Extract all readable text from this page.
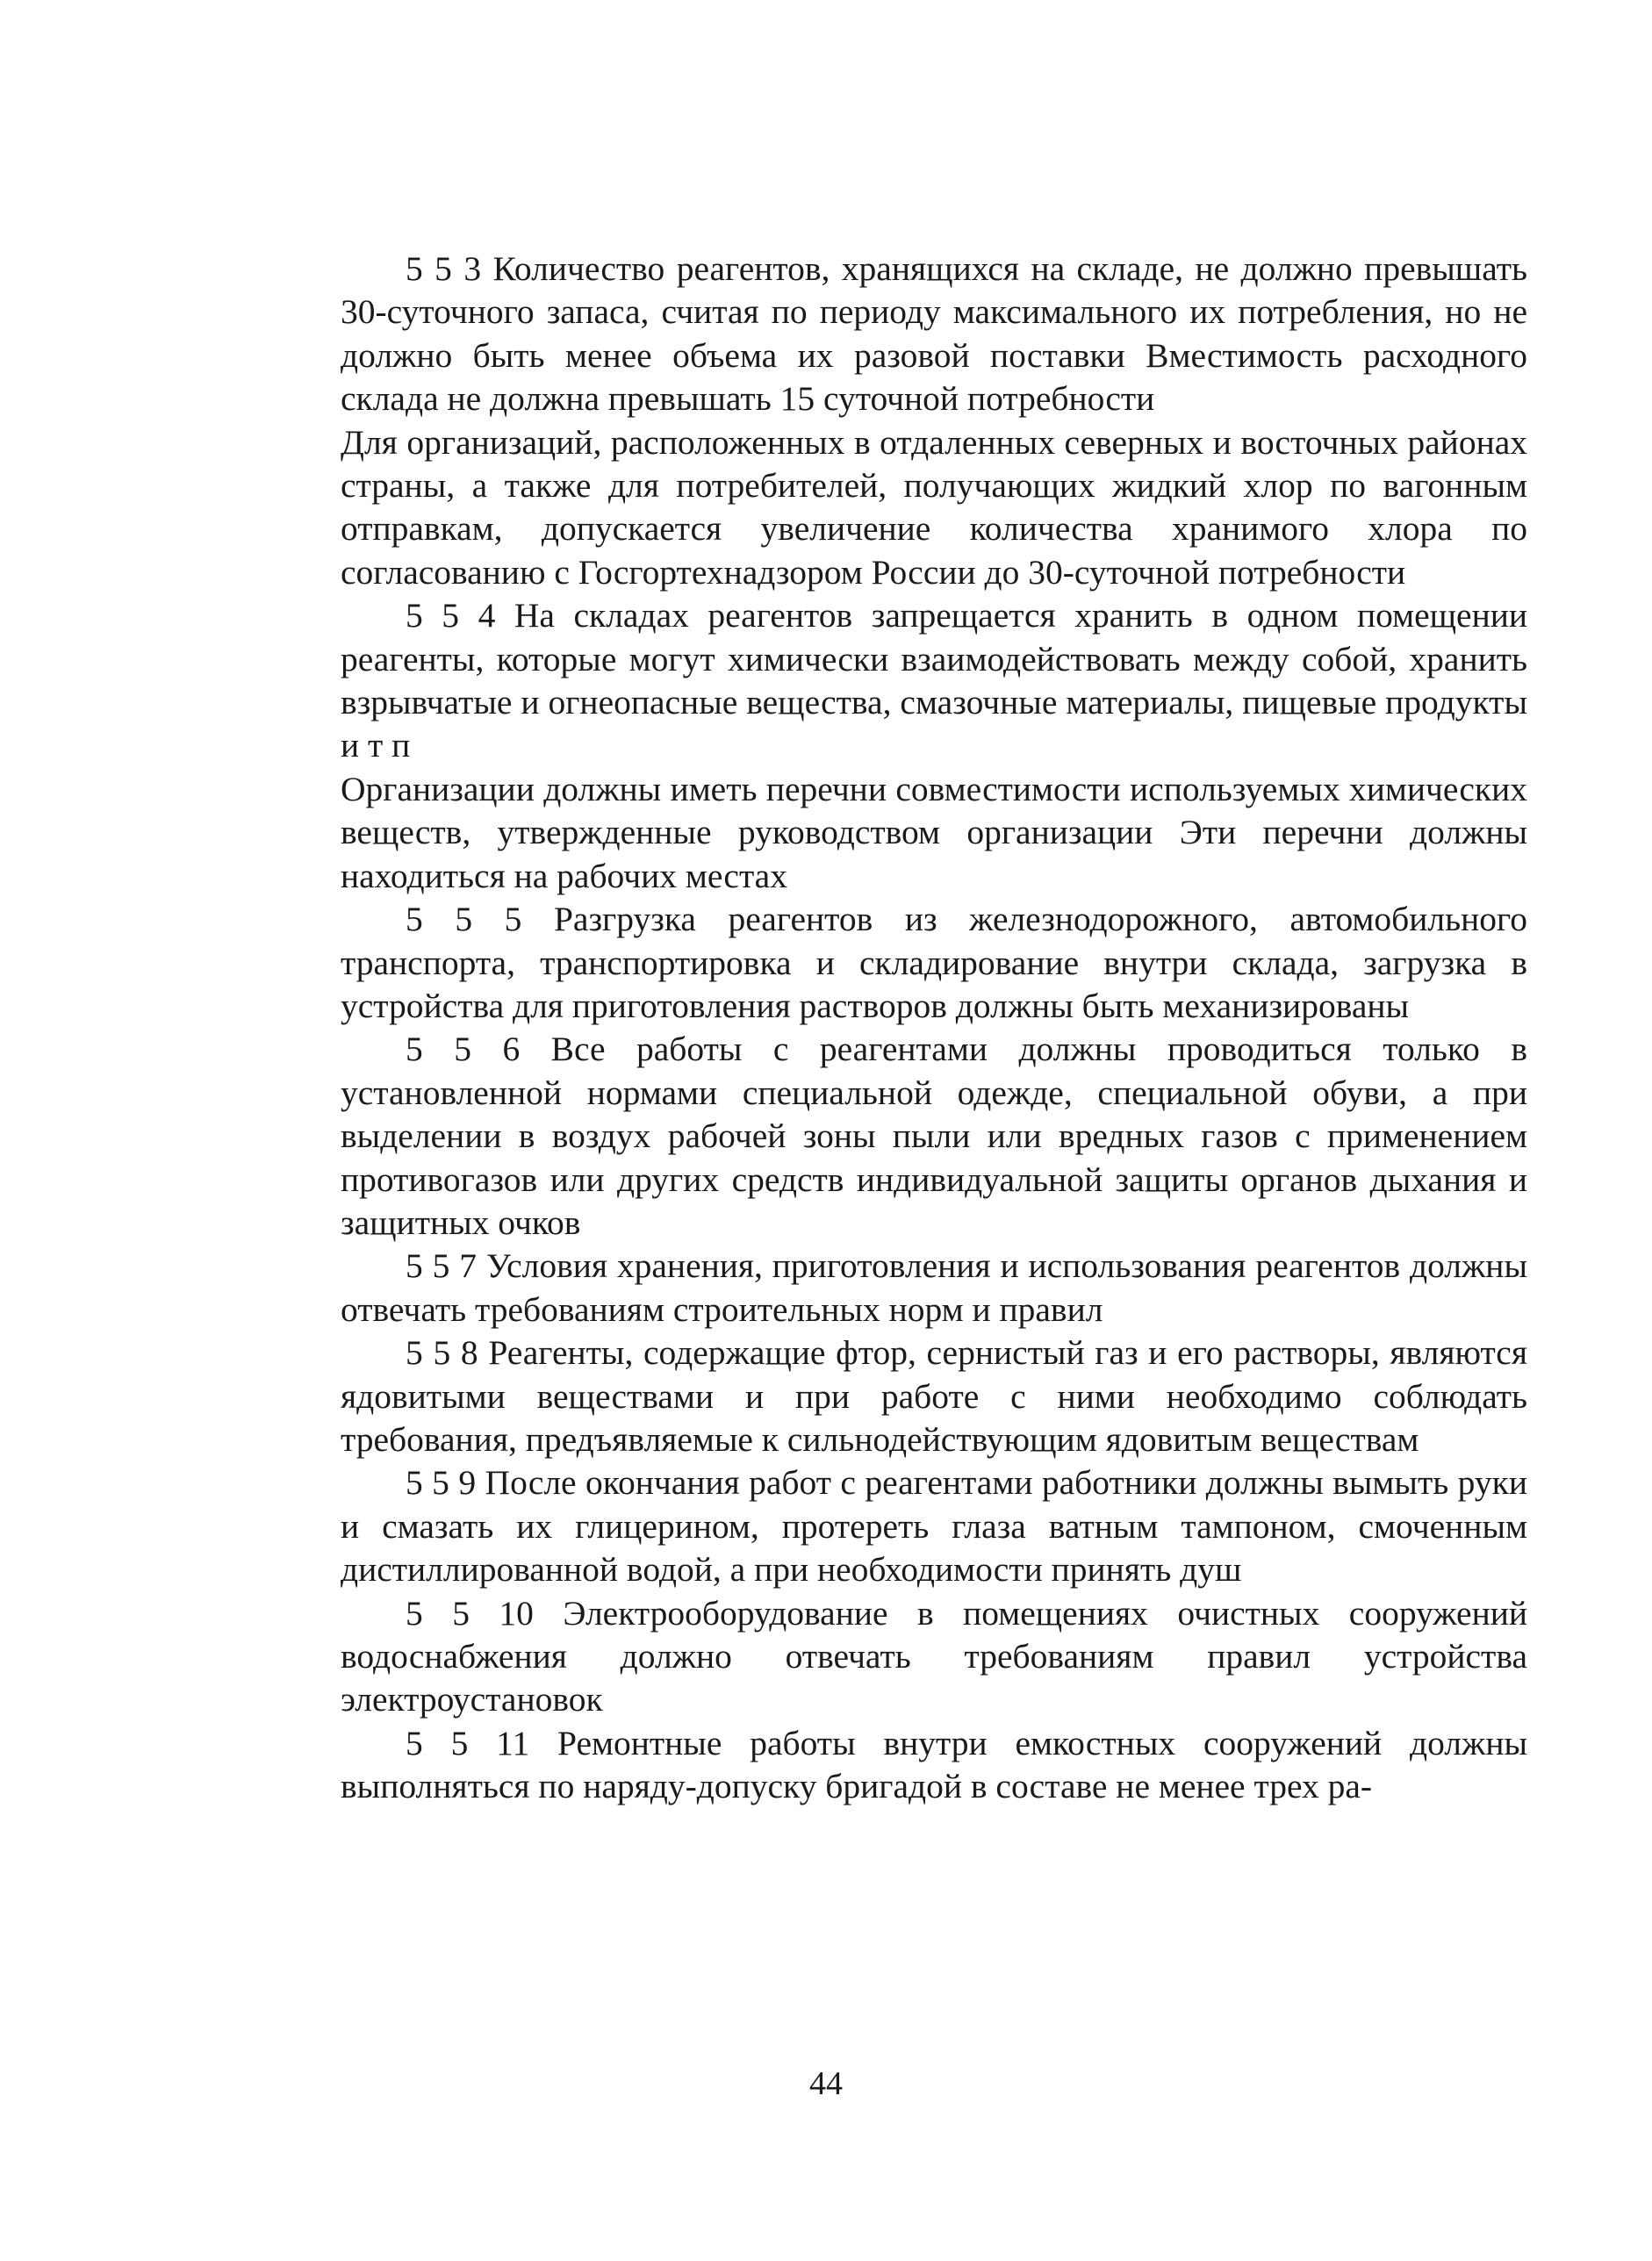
5 5 3 Количество реагентов, хранящихся на складе, не должно превышать 30-суточного запаса, считая по периоду максимального их потребления, но не должно быть менее объема их разовой поставки Вместимость расходного склада не должна превышать 15 суточной потребности

Для организаций, расположенных в отдаленных северных и восточных районах страны, а также для потребителей, получающих жидкий хлор по вагонным отправкам, допускается увеличение количества хранимого хлора по согласованию с Госгортехнадзором России до 30-суточной потребности

5 5 4 На складах реагентов запрещается хранить в одном помещении реагенты, которые могут химически взаимодействовать между собой, хранить взрывчатые и огнеопасные вещества, смазочные материалы, пищевые продукты и т п

Организации должны иметь перечни совместимости используемых химических веществ, утвержденные руководством организации Эти перечни должны находиться на рабочих местах

5 5 5 Разгрузка реагентов из железнодорожного, автомобильного транспорта, транспортировка и складирование внутри склада, загрузка в устройства для приготовления растворов должны быть механизированы

5 5 6 Все работы с реагентами должны проводиться только в установленной нормами специальной одежде, специальной обуви, а при выделении в воздух рабочей зоны пыли или вредных газов с применением противогазов или других средств индивидуальной защиты органов дыхания и защитных очков

5 5 7 Условия хранения, приготовления и использования реагентов должны отвечать требованиям строительных норм и правил

5 5 8 Реагенты, содержащие фтор, сернистый газ и его растворы, являются ядовитыми веществами и при работе с ними необходимо соблюдать требования, предъявляемые к сильнодействующим ядовитым веществам

5 5 9 После окончания работ с реагентами работники должны вымыть руки и смазать их глицерином, протереть глаза ватным тампоном, смоченным дистиллированной водой, а при необходимости принять душ

5 5 10 Электрооборудование в помещениях очистных сооружений водоснабжения должно отвечать требованиям правил устройства электроустановок

5 5 11 Ремонтные работы внутри емкостных сооружений должны выполняться по наряду-допуску бригадой в составе не менее трех ра-

44
